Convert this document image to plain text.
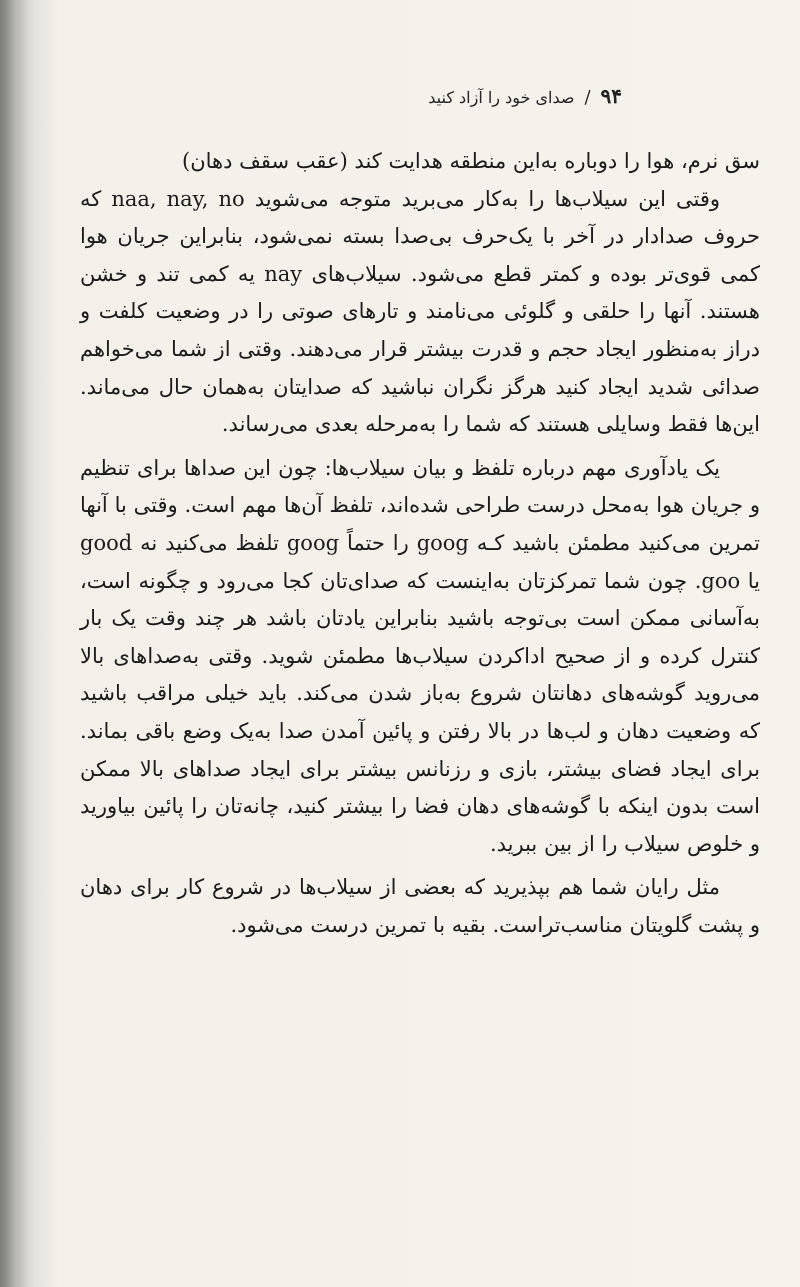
۹۴
/
صدای خود را آزاد کنید

سق نرم، هوا را دوباره به‌این منطقه هدایت کند (عقب سقف دهان)

وقتی این سیلاب‌ها را به‌کار می‌برید متوجه می‌شوید naa, nay, no که حروف صدادار در آخر با یک‌حرف بی‌صدا بسته نمی‌شود، بنابراین جریان هوا کمی قوی‌تر بوده و کمتر قطع می‌شود. سیلاب‌های nay یه کمی تند و خشن هستند. آنها را حلقی و گلوئی می‌نامند و تارهای صوتی را در وضعیت کلفت و دراز به‌منظور ایجاد حجم و قدرت بیشتر قرار می‌دهند. وقتی از شما می‌خواهم صدائی شدید ایجاد کنید هرگز نگران نباشید که صدایتان به‌همان حال می‌ماند. این‌ها فقط وسایلی هستند که شما را به‌مرحله بعدی می‌رساند.

یک یادآوری مهم درباره تلفظ و بیان سیلاب‌ها: چون این صداها برای تنظیم و جریان هوا به‌محل درست طراحی شده‌اند، تلفظ آن‌ها مهم است. وقتی با آنها تمرین می‌کنید مطمئن باشید کـه goog را حتماً goog تلفظ می‌کنید نه good یا goo. چون شما تمرکزتان به‌اینست که صدای‌تان کجا می‌رود و چگونه است، به‌آسانی ممکن است بی‌توجه باشید بنابراین یادتان باشد هر چند وقت یک بار کنترل کرده و از صحیح اداکردن سیلاب‌ها مطمئن شوید. وقتی به‌صداهای بالا می‌روید گوشه‌های دهانتان شروع به‌باز شدن می‌کند. باید خیلی مراقب باشید که وضعیت دهان و لب‌ها در بالا رفتن و پائین آمدن صدا به‌یک وضع باقی بماند. برای ایجاد فضای بیشتر، بازی و رزنانس بیشتر برای ایجاد صداهای بالا ممکن است بدون اینکه با گوشه‌های دهان فضا را بیشتر کنید، چانه‌تان را پائین بیاورید و خلوص سیلاب را از بین ببرید.

مثل رایان شما هم بپذیرید که بعضی از سیلاب‌ها در شروع کار برای دهان و پشت گلویتان مناسب‌تراست. بقیه با تمرین درست می‌شود.
